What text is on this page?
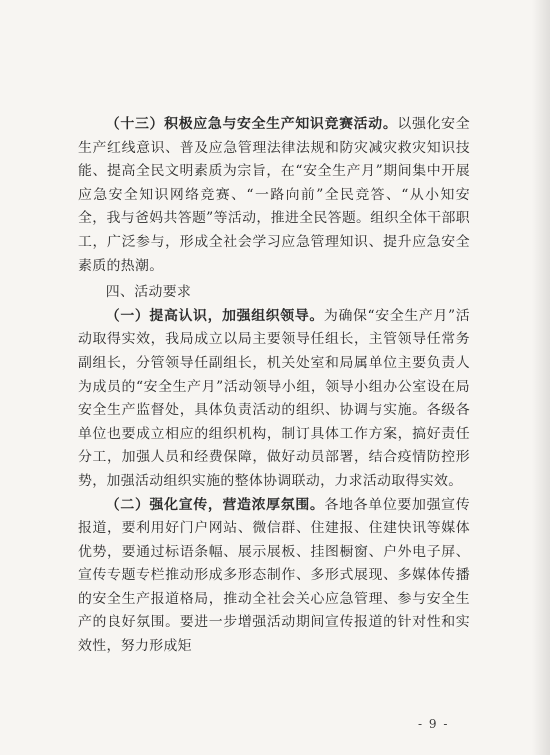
（十三）积极应急与安全生产知识竞赛活动。以强化安全生产红线意识、普及应急管理法律法规和防灾减灾救灾知识技能、提高全民文明素质为宗旨，在“安全生产月”期间集中开展应急安全知识网络竞赛、“一路向前”全民竞答、“从小知安全，我与爸妈共答题”等活动，推进全民答题。组织全体干部职工，广泛参与，形成全社会学习应急管理知识、提升应急安全素质的热潮。

四、活动要求

（一）提高认识，加强组织领导。为确保“安全生产月”活动取得实效，我局成立以局主要领导任组长，主管领导任常务副组长，分管领导任副组长，机关处室和局属单位主要负责人为成员的“安全生产月”活动领导小组，领导小组办公室设在局安全生产监督处，具体负责活动的组织、协调与实施。各级各单位也要成立相应的组织机构，制订具体工作方案，搞好责任分工，加强人员和经费保障，做好动员部署，结合疫情防控形势，加强活动组织实施的整体协调联动，力求活动取得实效。

（二）强化宣传，营造浓厚氛围。各地各单位要加强宣传报道，要利用好门户网站、微信群、住建报、住建快讯等媒体优势，要通过标语条幅、展示展板、挂图橱窗、户外电子屏、宣传专题专栏推动形成多形态制作、多形式展现、多媒体传播的安全生产报道格局，推动全社会关心应急管理、参与安全生产的良好氛围。要进一步增强活动期间宣传报道的针对性和实效性，努力形成矩

- 9 -
